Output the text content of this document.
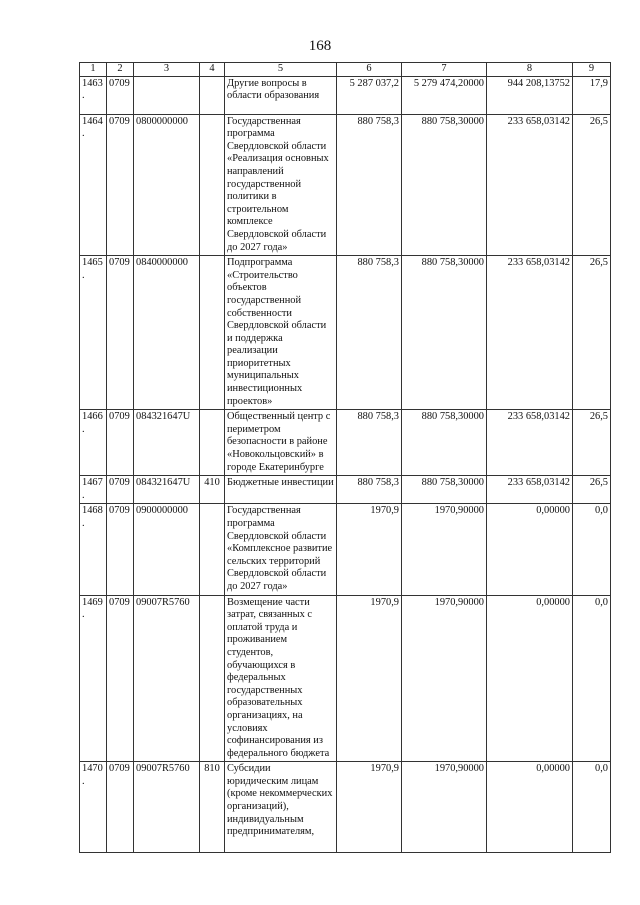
168
1	2	3	4	5	6	7	8	9
1463.	0709			Другие вопросы в области образования	5 287 037,2	5 279 474,20000	944 208,13752	17,9
1464.	0709	0800000000		Государственная программа Свердловской области «Реализация основных направлений государственной политики в строительном комплексе Свердловской области до 2027 года»	880 758,3	880 758,30000	233 658,03142	26,5
1465.	0709	0840000000		Подпрограмма «Строительство объектов государственной собственности Свердловской области и поддержка реализации приоритетных муниципальных инвестиционных проектов»	880 758,3	880 758,30000	233 658,03142	26,5
1466.	0709	084321647U		Общественный центр с периметром безопасности в районе «Новокольцовский» в городе Екатеринбурге	880 758,3	880 758,30000	233 658,03142	26,5
1467.	0709	084321647U	410	Бюджетные инвестиции	880 758,3	880 758,30000	233 658,03142	26,5
1468.	0709	0900000000		Государственная программа Свердловской области «Комплексное развитие сельских территорий Свердловской области до 2027 года»	1970,9	1970,90000	0,00000	0,0
1469.	0709	09007R5760		Возмещение части затрат, связанных с оплатой труда и проживанием студентов, обучающихся в федеральных государственных образовательных организациях, на условиях софинансирования из федерального бюджета	1970,9	1970,90000	0,00000	0,0
1470.	0709	09007R5760	810	Субсидии юридическим лицам (кроме некоммерческих организаций), индивидуальным предпринимателям,	1970,9	1970,90000	0,00000	0,0
